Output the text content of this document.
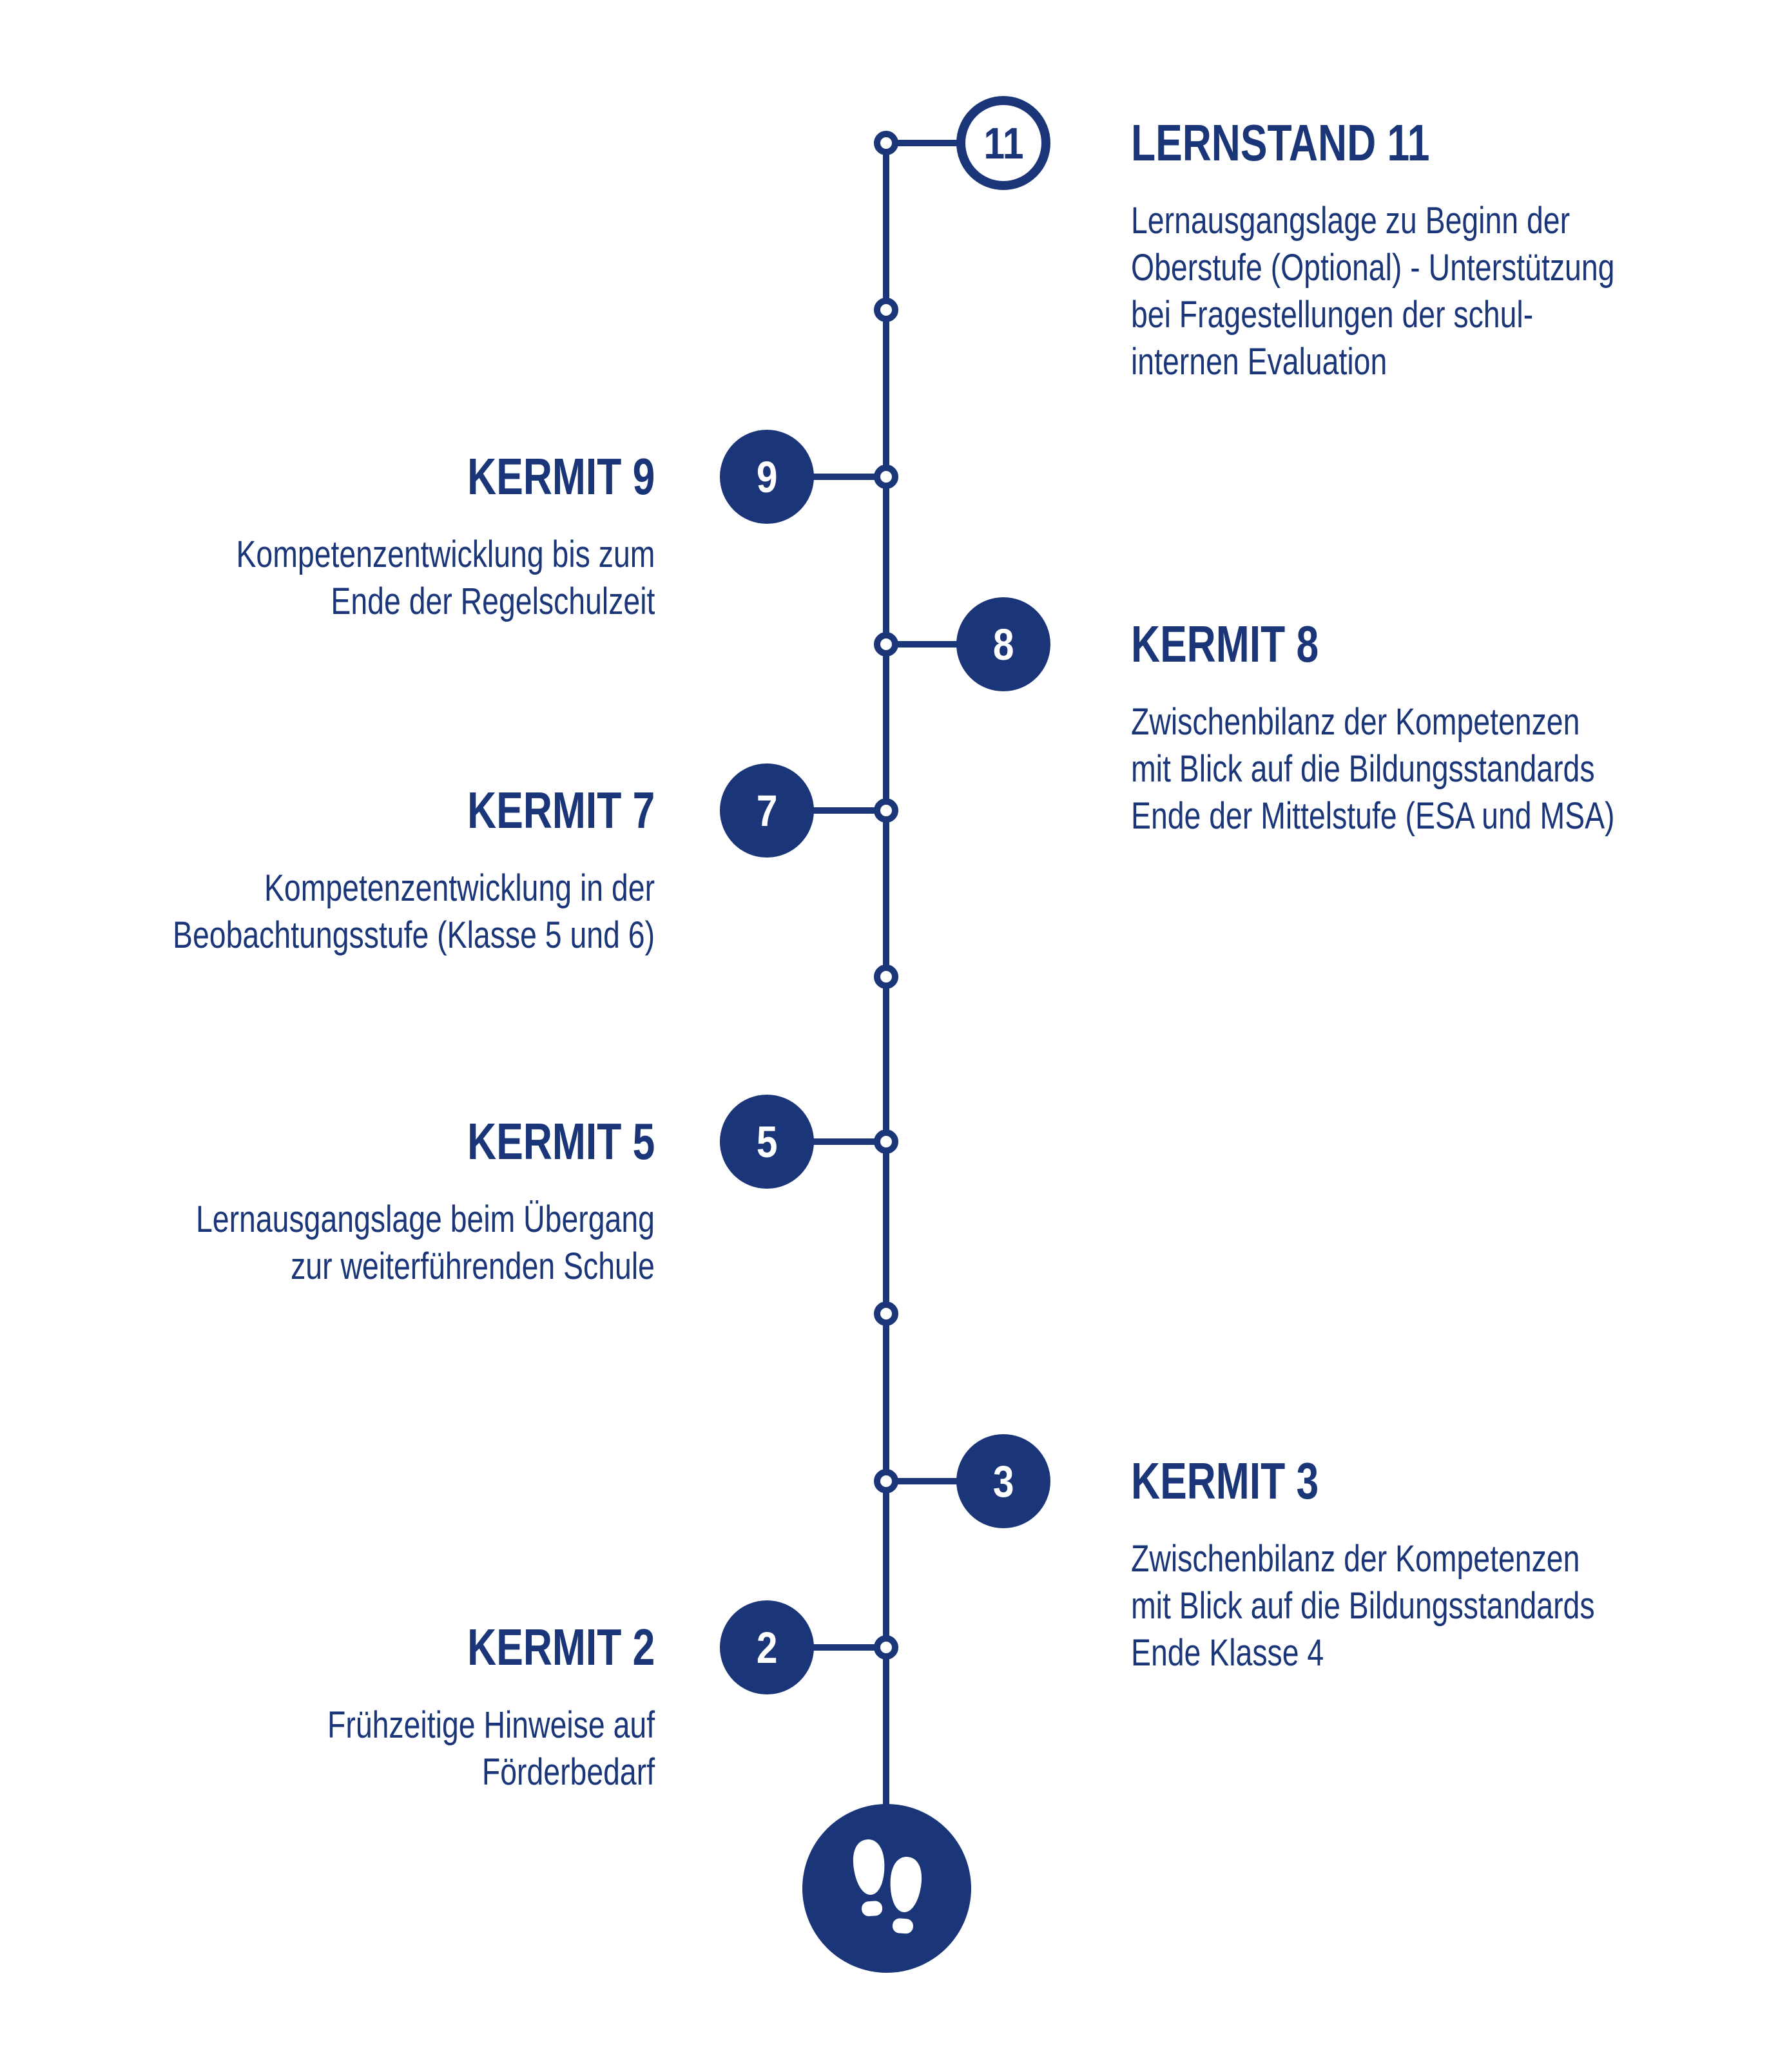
11
9
8
7
5
3
2
LERNSTAND 11
Lernausgangslage zu Beginn der
Oberstufe (Optional) - Unterstützung
bei Fragestellungen der schul-
internen Evaluation
KERMIT 9
Kompetenzentwicklung bis zum
Ende der Regelschulzeit
KERMIT 8
Zwischenbilanz der Kompetenzen
mit Blick auf die Bildungsstandards
Ende der Mittelstufe (ESA und MSA)
KERMIT 7
Kompetenzentwicklung in der
Beobachtungsstufe (Klasse 5 und 6)
KERMIT 5
Lernausgangslage beim Übergang
zur weiterführenden Schule
KERMIT 3
Zwischenbilanz der Kompetenzen
mit Blick auf die Bildungsstandards
Ende Klasse 4
KERMIT 2
Frühzeitige Hinweise auf
Förderbedarf
